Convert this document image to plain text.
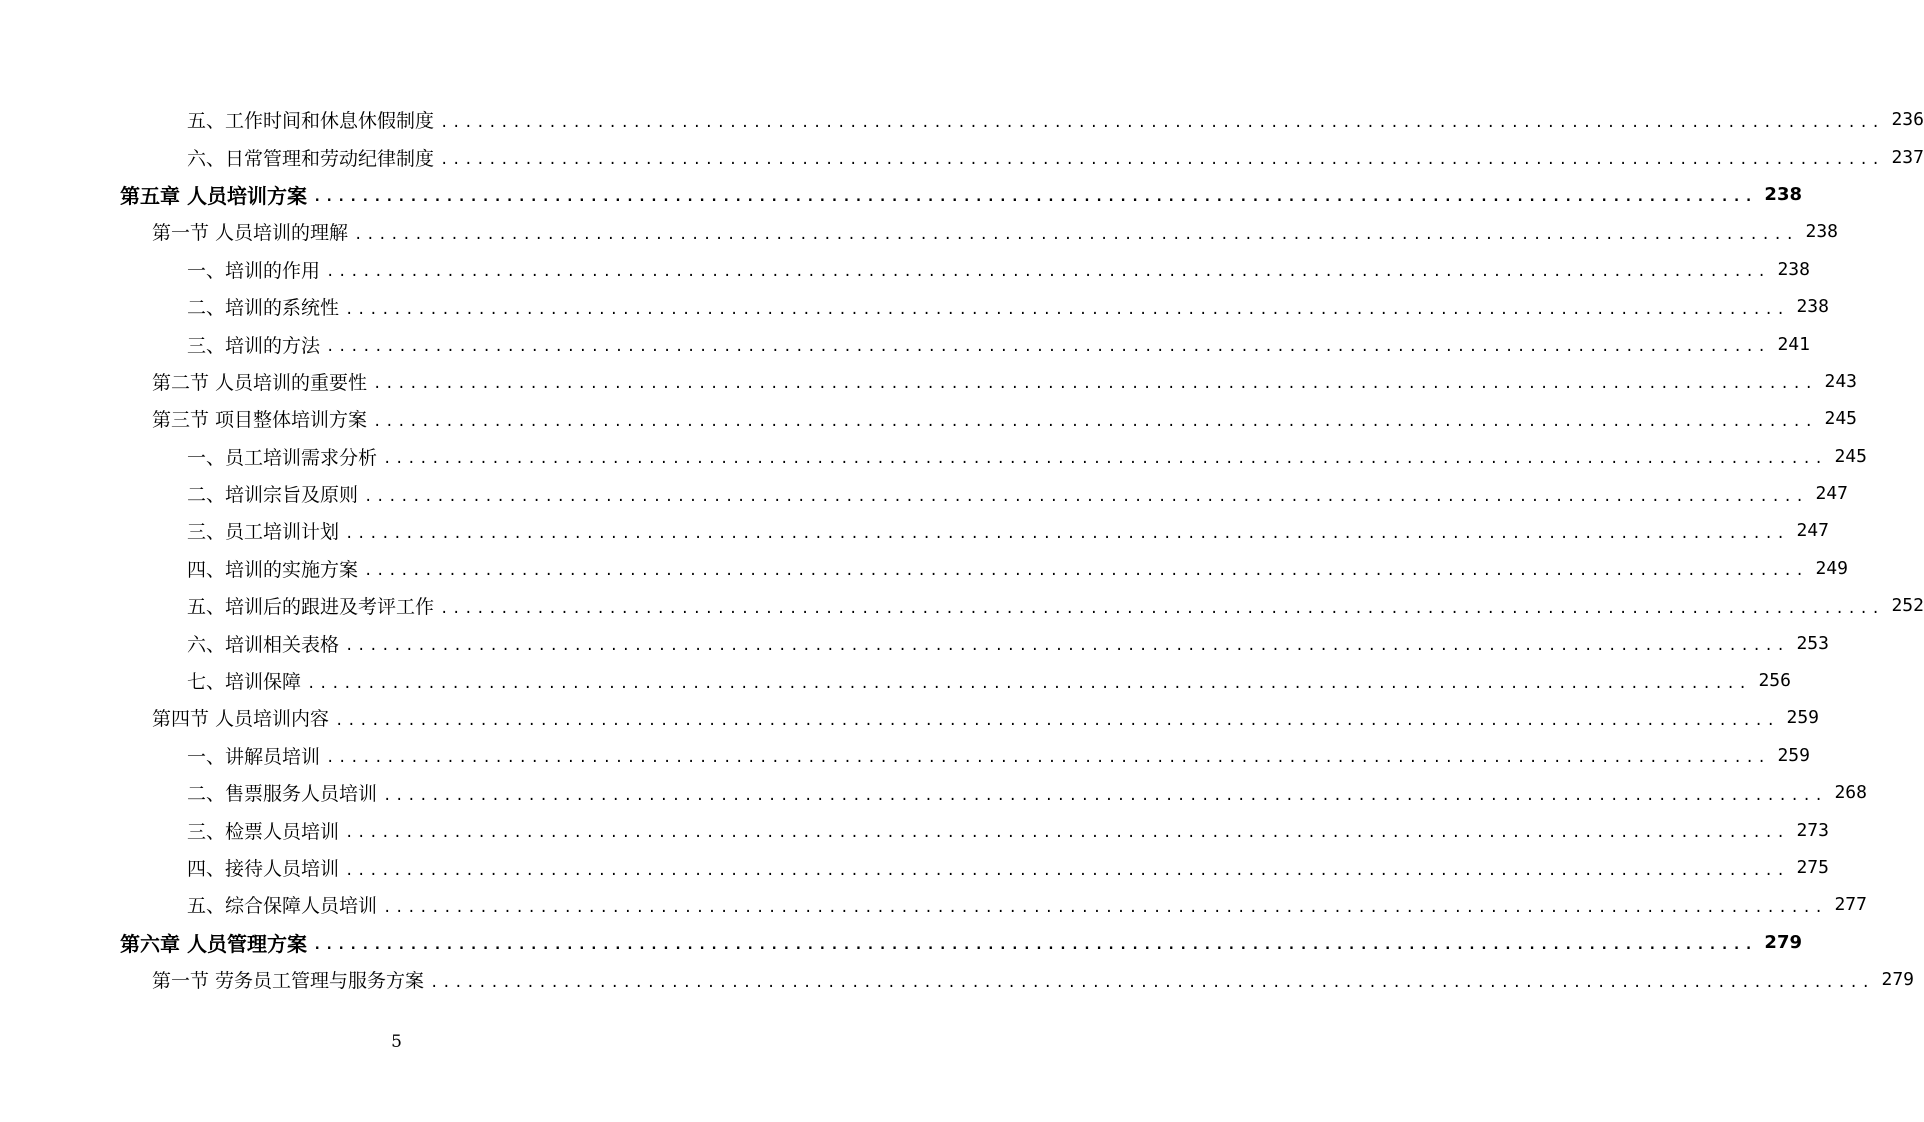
五、工作时间和休息休假制度 ........................................................................................................................ 236
六、日常管理和劳动纪律制度 ........................................................................................................................ 237
第五章 人员培训方案 ........................................................................................................................ 238
第一节 人员培训的理解 ........................................................................................................................ 238
一、培训的作用 ........................................................................................................................ 238
二、培训的系统性 ........................................................................................................................ 238
三、培训的方法 ........................................................................................................................ 241
第二节 人员培训的重要性 ........................................................................................................................ 243
第三节 项目整体培训方案 ........................................................................................................................ 245
一、员工培训需求分析 ........................................................................................................................ 245
二、培训宗旨及原则 ........................................................................................................................ 247
三、员工培训计划 ........................................................................................................................ 247
四、培训的实施方案 ........................................................................................................................ 249
五、培训后的跟进及考评工作 ........................................................................................................................ 252
六、培训相关表格 ........................................................................................................................ 253
七、培训保障 ........................................................................................................................ 256
第四节 人员培训内容 ........................................................................................................................ 259
一、讲解员培训 ........................................................................................................................ 259
二、售票服务人员培训 ........................................................................................................................ 268
三、检票人员培训 ........................................................................................................................ 273
四、接待人员培训 ........................................................................................................................ 275
五、综合保障人员培训 ........................................................................................................................ 277
第六章 人员管理方案 ........................................................................................................................ 279
第一节 劳务员工管理与服务方案 ........................................................................................................................ 279
5
